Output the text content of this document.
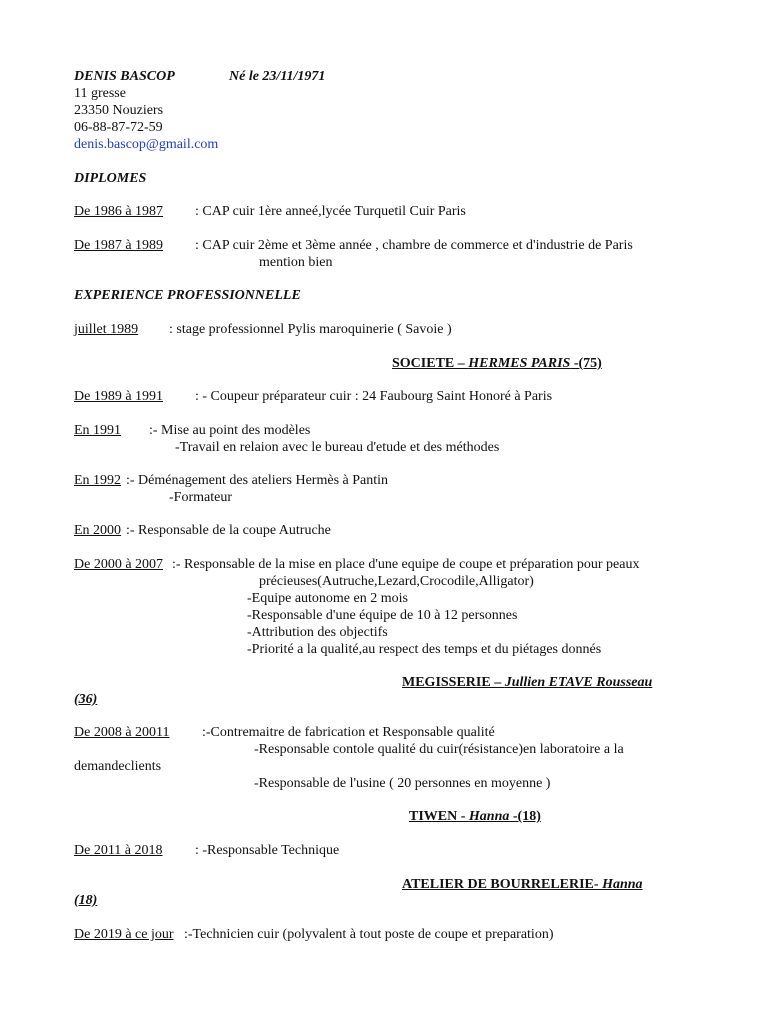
DENIS BASCOP	Né le 23/11/1971
11 gresse
23350 Nouziers
06-88-87-72-59
denis.bascop@gmail.com
DIPLOMES
De 1986 à 1987 : CAP cuir 1ère anneé,lycée Turquetil Cuir Paris
De 1987 à 1989 : CAP cuir 2ème et 3ème année , chambre de commerce et d'industrie de Paris
mention bien
EXPERIENCE PROFESSIONNELLE
juillet 1989 : stage professionnel Pylis maroquinerie ( Savoie )
SOCIETE – HERMES PARIS -(75)
De 1989 à 1991 : - Coupeur préparateur cuir : 24 Faubourg Saint Honoré à Paris
En 1991 :- Mise au point des modèles
-Travail en relaion avec le bureau d'etude et des méthodes
En 1992 :- Déménagement des ateliers Hermès à Pantin
-Formateur
En 2000 :- Responsable de la coupe Autruche
De 2000 à 2007 :- Responsable de la mise en place d'une equipe de coupe et préparation pour peaux
précieuses(Autruche,Lezard,Crocodile,Alligator)
-Equipe autonome en 2 mois
-Responsable d'une équipe de 10 à 12 personnes
-Attribution des objectifs
-Priorité a la qualité,au respect des temps et du piétages donnés
MEGISSERIE – Jullien ETAVE Rousseau
(36)
De 2008 à 20011 :-Contremaitre de fabrication et Responsable qualité
-Responsable contole qualité du cuir(résistance)en laboratoire a la
demandeclients
-Responsable de l'usine ( 20 personnes en moyenne )
TIWEN - Hanna -(18)
De 2011 à 2018 : -Responsable Technique
ATELIER DE BOURRELERIE- Hanna
(18)
De 2019 à ce jour :-Technicien cuir (polyvalent à tout poste de coupe et preparation)
